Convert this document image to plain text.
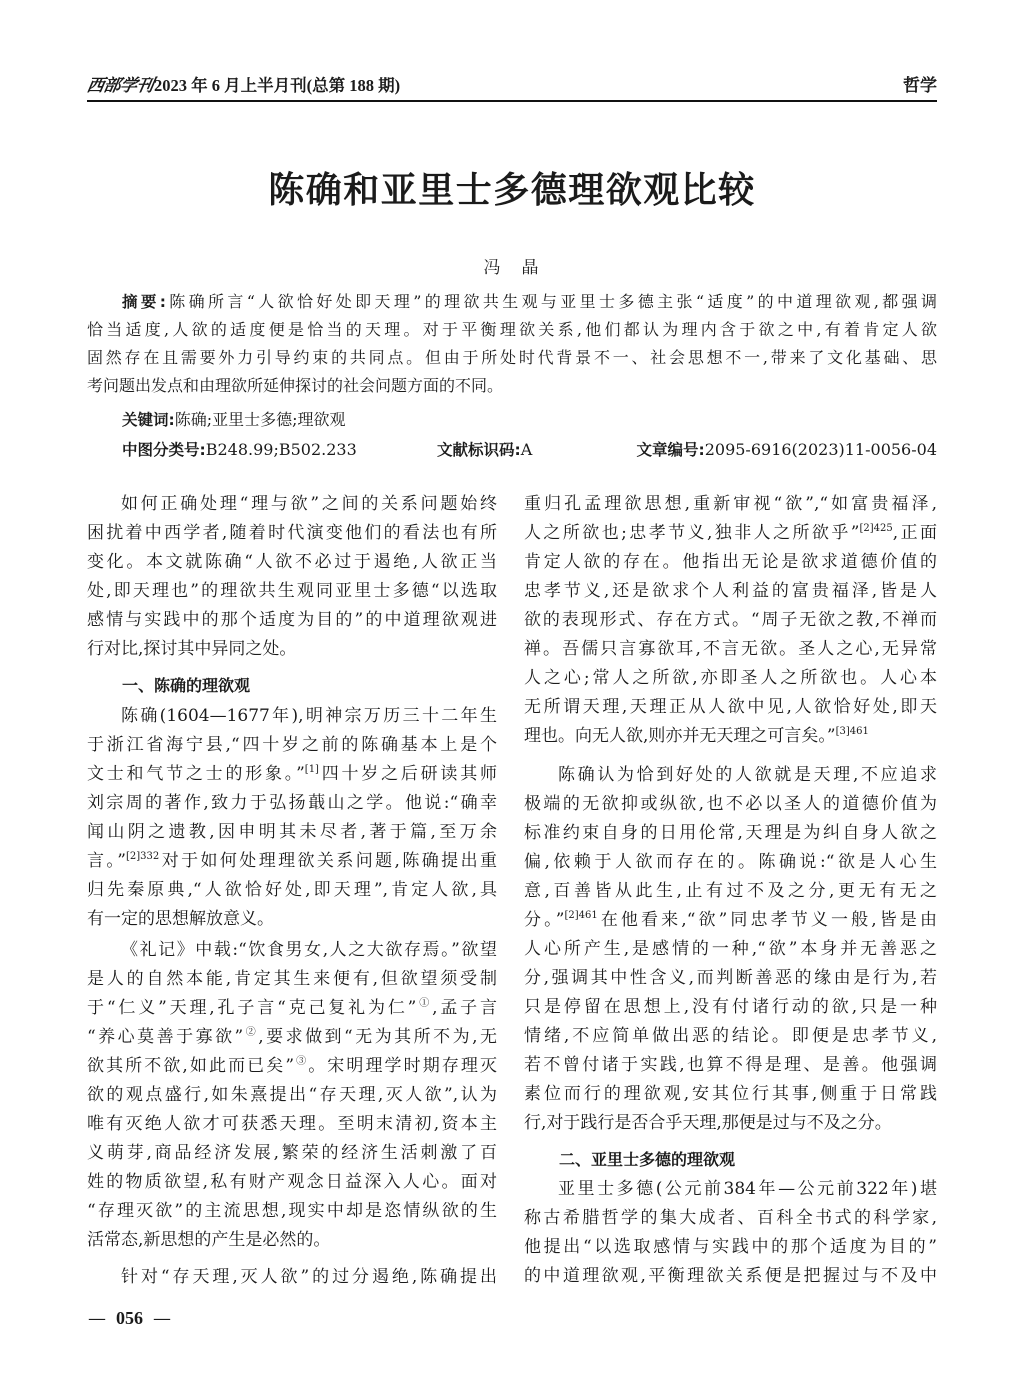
西部学刊2023 年 6 月上半月刊(总第 188 期)	哲学
陈确和亚里士多德理欲观比较
冯　晶
摘要:陈确所言“人欲恰好处即天理”的理欲共生观与亚里士多德主张“适度”的中道理欲观,都强调
恰当适度,人欲的适度便是恰当的天理。对于平衡理欲关系,他们都认为理内含于欲之中,有着肯定人欲
固然存在且需要外力引导约束的共同点。但由于所处时代背景不一、社会思想不一,带来了文化基础、思
考问题出发点和由理欲所延伸探讨的社会问题方面的不同。
关键词:陈确;亚里士多德;理欲观
中图分类号:B248.99;B502.233	文献标识码:A	文章编号:2095-6916(2023)11-0056-04
如何正确处理“理与欲”之间的关系问题始终
困扰着中西学者,随着时代演变他们的看法也有所
变化。本文就陈确“人欲不必过于遏绝,人欲正当
处,即天理也”的理欲共生观同亚里士多德“以选取
感情与实践中的那个适度为目的”的中道理欲观进
行对比,探讨其中异同之处。
一、陈确的理欲观
陈确(1604—1677年),明神宗万历三十二年生
于浙江省海宁县,“四十岁之前的陈确基本上是个
文士和气节之士的形象。”[1]四十岁之后研读其师
刘宗周的著作,致力于弘扬蕺山之学。他说:“确幸
闻山阴之遗教,因申明其未尽者,著于篇,至万余
言。”$^{[2]332}$对于如何处理理欲关系问题,陈确提出重
归先秦原典,“人欲恰好处,即天理”,肯定人欲,具
有一定的思想解放意义。
《礼记》中载:“饮食男女,人之大欲存焉。”欲望
是人的自然本能,肯定其生来便有,但欲望须受制
于“仁义”天理,孔子言“克己复礼为仁”①,孟子言
“养心莫善于寡欲”②,要求做到“无为其所不为,无
欲其所不欲,如此而已矣”③。宋明理学时期存理灭
欲的观点盛行,如朱熹提出“存天理,灭人欲”,认为
唯有灭绝人欲才可获悉天理。至明末清初,资本主
义萌芽,商品经济发展,繁荣的经济生活刺激了百
姓的物质欲望,私有财产观念日益深入人心。面对
“存理灭欲”的主流思想,现实中却是恣情纵欲的生
活常态,新思想的产生是必然的。
针对“存天理,灭人欲”的过分遏绝,陈确提出
重归孔孟理欲思想,重新审视“欲”,“如富贵福泽,
人之所欲也;忠孝节义,独非人之所欲乎”$^{[2]425}$,正面
肯定人欲的存在。他指出无论是欲求道德价值的
忠孝节义,还是欲求个人利益的富贵福泽,皆是人
欲的表现形式、存在方式。“周子无欲之教,不禅而
禅。吾儒只言寡欲耳,不言无欲。圣人之心,无异常
人之心;常人之所欲,亦即圣人之所欲也。人心本
无所谓天理,天理正从人欲中见,人欲恰好处,即天
理也。向无人欲,则亦并无天理之可言矣。”$^{[3]461}$
陈确认为恰到好处的人欲就是天理,不应追求
极端的无欲抑或纵欲,也不必以圣人的道德价值为
标准约束自身的日用伦常,天理是为纠自身人欲之
偏,依赖于人欲而存在的。陈确说:“欲是人心生
意,百善皆从此生,止有过不及之分,更无有无之
分。”$^{[2]461}$在他看来,“欲”同忠孝节义一般,皆是由
人心所产生,是感情的一种,“欲”本身并无善恶之
分,强调其中性含义,而判断善恶的缘由是行为,若
只是停留在思想上,没有付诸行动的欲,只是一种
情绪,不应简单做出恶的结论。即便是忠孝节义,
若不曾付诸于实践,也算不得是理、是善。他强调
素位而行的理欲观,安其位行其事,侧重于日常践
行,对于践行是否合乎天理,那便是过与不及之分。
二、亚里士多德的理欲观
亚里士多德(公元前384年—公元前322年)堪
称古希腊哲学的集大成者、百科全书式的科学家,
他提出“以选取感情与实践中的那个适度为目的”
的中道理欲观,平衡理欲关系便是把握过与不及中
— 056 —
